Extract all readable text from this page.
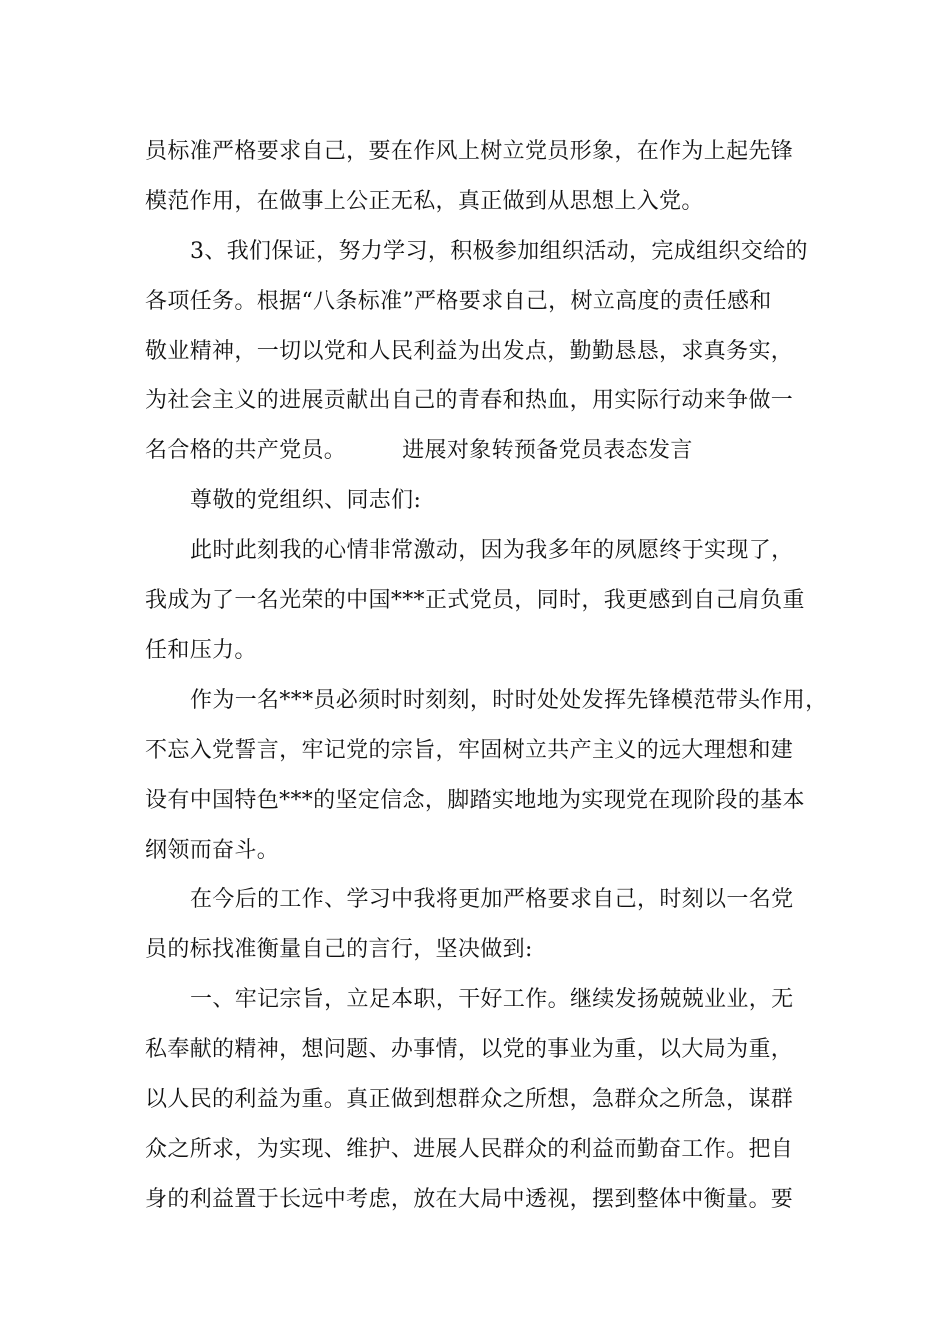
员标准严格要求自己，要在作风上树立党员形象，在作为上起先锋
模范作用，在做事上公正无私，真正做到从思想上入党。
3、我们保证，努力学习，积极参加组织活动，完成组织交给的
各项任务。根据“八条标准”严格要求自己，树立高度的责任感和
敬业精神，一切以党和人民利益为出发点，勤勤恳恳，求真务实，
为社会主义的进展贡献出自己的青春和热血，用实际行动来争做一
名合格的共产党员。　　　进展对象转预备党员表态发言
尊敬的党组织、同志们:
此时此刻我的心情非常激动，因为我多年的夙愿终于实现了，
我成为了一名光荣的中国***正式党员，同时，我更感到自己肩负重
任和压力。
作为一名***员必须时时刻刻，时时处处发挥先锋模范带头作用，
不忘入党誓言，牢记党的宗旨，牢固树立共产主义的远大理想和建
设有中国特色***的坚定信念，脚踏实地地为实现党在现阶段的基本
纲领而奋斗。
在今后的工作、学习中我将更加严格要求自己，时刻以一名党
员的标找准衡量自己的言行，坚决做到:
一、牢记宗旨，立足本职，干好工作。继续发扬兢兢业业，无
私奉献的精神，想问题、办事情，以党的事业为重，以大局为重，
以人民的利益为重。真正做到想群众之所想，急群众之所急，谋群
众之所求，为实现、维护、进展人民群众的利益而勤奋工作。把自
身的利益置于长远中考虑，放在大局中透视，摆到整体中衡量。要
